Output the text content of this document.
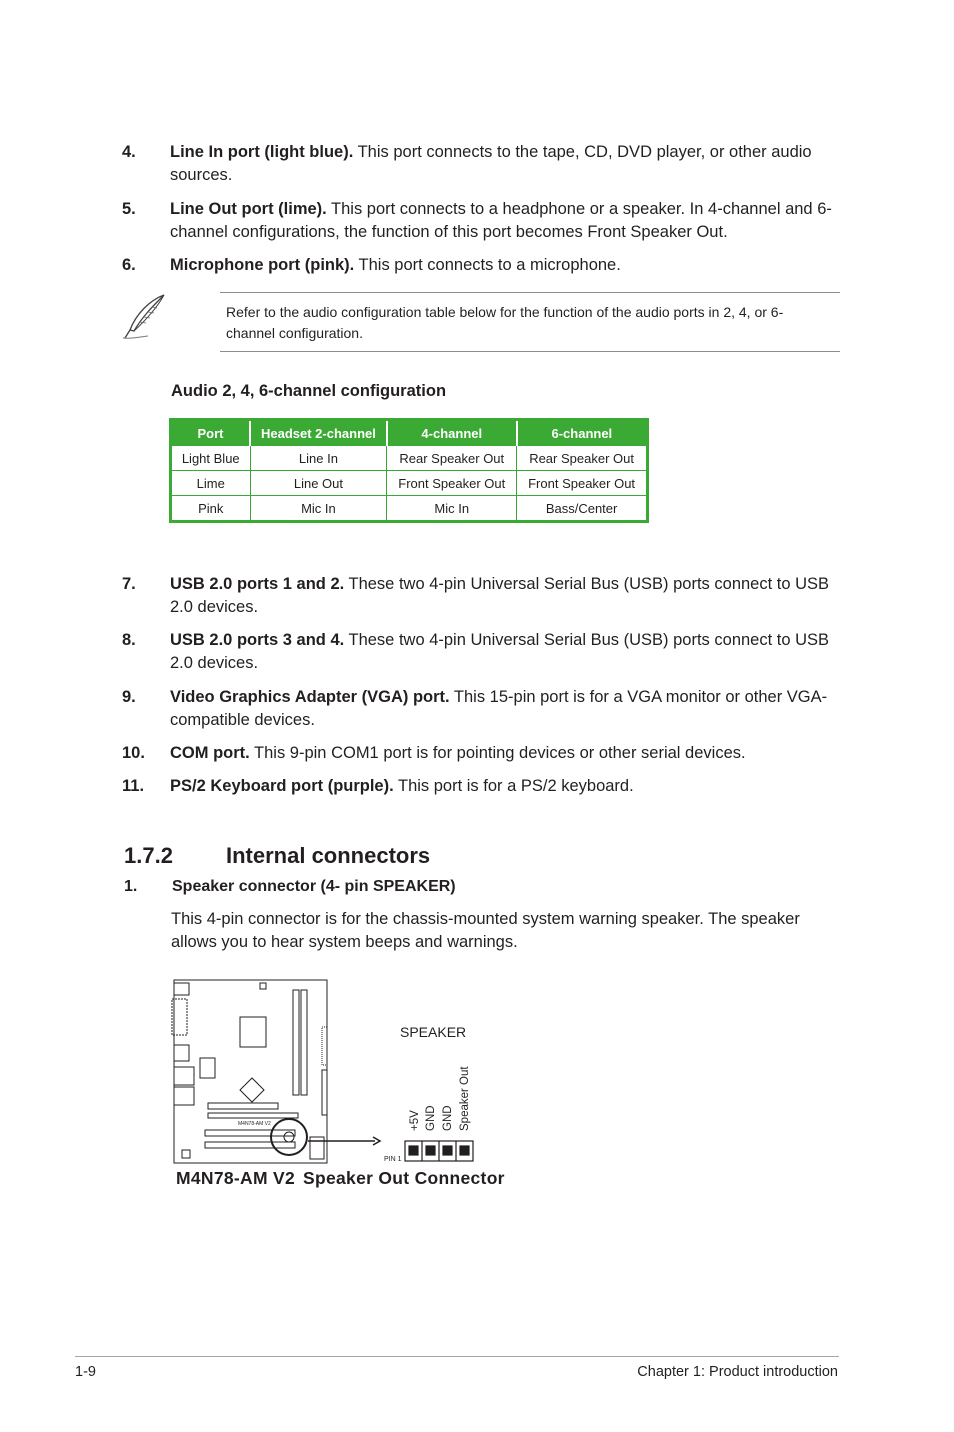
4. Line In port (light blue). This port connects to the tape, CD, DVD player, or other audio sources.
5. Line Out port (lime). This port connects to a headphone or a speaker. In 4-channel and 6-channel configurations, the function of this port becomes Front Speaker Out.
6. Microphone port (pink). This port connects to a microphone.
Refer to the audio configuration table below for the function of the audio ports in 2, 4, or 6-channel configuration.
Audio 2, 4, 6-channel configuration
Port	Headset 2-channel	4-channel	6-channel
Light Blue	Line In	Rear Speaker Out	Rear Speaker Out
Lime	Line Out	Front Speaker Out	Front Speaker Out
Pink	Mic In	Mic In	Bass/Center
7. USB 2.0 ports 1 and 2. These two 4-pin Universal Serial Bus (USB) ports connect to USB 2.0 devices.
8. USB 2.0 ports 3 and 4. These two 4-pin Universal Serial Bus (USB) ports connect to USB 2.0 devices.
9. Video Graphics Adapter (VGA) port. This 15-pin port is for a VGA monitor or other VGA-compatible devices.
10. COM port. This 9-pin COM1 port is for pointing devices or other serial devices.
11. PS/2 Keyboard port (purple). This port is for a PS/2 keyboard.
1.7.2 Internal connectors
1. Speaker connector (4- pin SPEAKER)
This 4-pin connector is for the chassis-mounted system warning speaker. The speaker allows you to hear system beeps and warnings.
M4N78-AM V2
SPEAKER
+5V GND GND Speaker Out
PIN 1
M4N78-AM V2 Speaker Out Connector
1-9	Chapter 1: Product introduction
